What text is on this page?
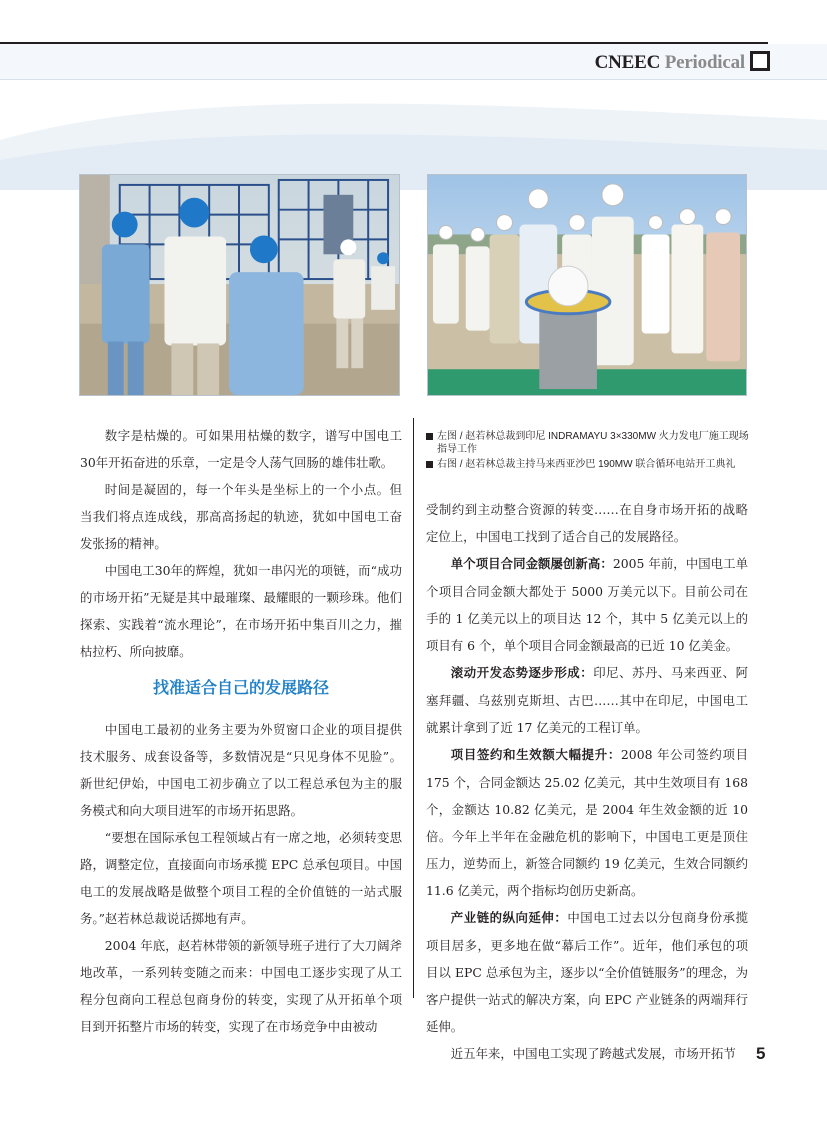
CNEEC Periodical

数字是枯燥的。可如果用枯燥的数字，谱写中国电工30年开拓奋进的乐章，一定是令人荡气回肠的雄伟壮歌。

时间是凝固的，每一个年头是坐标上的一个小点。但当我们将点连成线，那高高扬起的轨迹，犹如中国电工奋发张扬的精神。

中国电工30年的辉煌，犹如一串闪光的项链，而“成功的市场开拓”无疑是其中最璀璨、最耀眼的一颗珍珠。他们探索、实践着“流水理论”，在市场开拓中集百川之力，摧枯拉朽、所向披靡。

找准适合自己的发展路径

中国电工最初的业务主要为外贸窗口企业的项目提供技术服务、成套设备等，多数情况是“只见身体不见脸”。新世纪伊始，中国电工初步确立了以工程总承包为主的服务模式和向大项目进军的市场开拓思路。

“要想在国际承包工程领域占有一席之地，必须转变思路，调整定位，直接面向市场承揽 EPC 总承包项目。中国电工的发展战略是做整个项目工程的全价值链的一站式服务。”赵若林总裁说话掷地有声。

2004 年底，赵若林带领的新领导班子进行了大刀阔斧地改革，一系列转变随之而来：中国电工逐步实现了从工程分包商向工程总包商身份的转变，实现了从开拓单个项目到开拓整片市场的转变，实现了在市场竞争中由被动

左图 / 赵若林总裁到印尼 INDRAMAYU 3×330MW 火力发电厂施工现场指导工作
右图 / 赵若林总裁主持马来西亚沙巴 190MW 联合循环电站开工典礼

受制约到主动整合资源的转变……在自身市场开拓的战略定位上，中国电工找到了适合自己的发展路径。

单个项目合同金额屡创新高：2005 年前，中国电工单个项目合同金额大都处于 5000 万美元以下。目前公司在手的 1 亿美元以上的项目达 12 个，其中 5 亿美元以上的项目有 6 个，单个项目合同金额最高的已近 10 亿美金。

滚动开发态势逐步形成：印尼、苏丹、马来西亚、阿塞拜疆、乌兹别克斯坦、古巴……其中在印尼，中国电工就累计拿到了近 17 亿美元的工程订单。

项目签约和生效额大幅提升：2008 年公司签约项目 175 个，合同金额达 25.02 亿美元，其中生效项目有 168 个，金额达 10.82 亿美元，是 2004 年生效金额的近 10 倍。今年上半年在金融危机的影响下，中国电工更是顶住压力，逆势而上，新签合同额约 19 亿美元，生效合同额约 11.6 亿美元，两个指标均创历史新高。

产业链的纵向延伸：中国电工过去以分包商身份承揽项目居多，更多地在做“幕后工作”。近年，他们承包的项目以 EPC 总承包为主，逐步以“全价值链服务”的理念，为客户提供一站式的解决方案，向 EPC 产业链条的两端拜行延伸。

近五年来，中国电工实现了跨越式发展，市场开拓节	5
